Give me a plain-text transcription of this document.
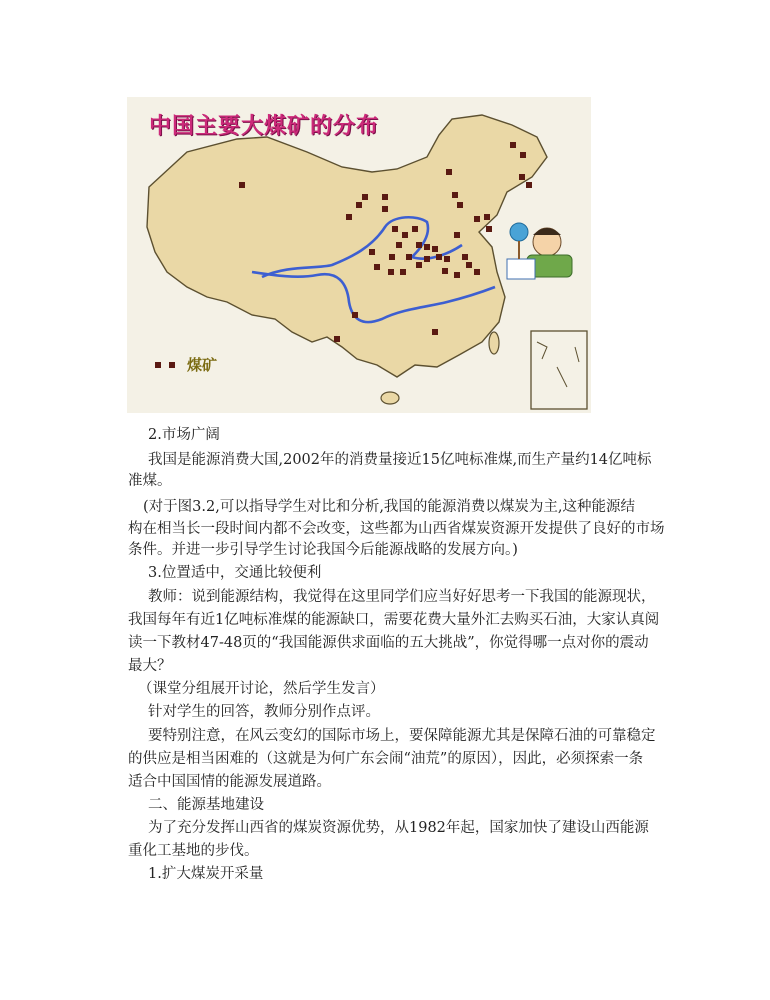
中国主要大煤矿的分布
煤矿
2.市场广阔
我国是能源消费大国,2002年的消费量接近15亿吨标准煤,而生产量约14亿吨标
准煤。
(对于图3.2,可以指导学生对比和分析,我国的能源消费以煤炭为主,这种能源结
构在相当长一段时间内都不会改变，这些都为山西省煤炭资源开发提供了良好的市场
条件。并进一步引导学生讨论我国今后能源战略的发展方向。)
3.位置适中，交通比较便利
教师：说到能源结构，我觉得在这里同学们应当好好思考一下我国的能源现状，
我国每年有近1亿吨标准煤的能源缺口，需要花费大量外汇去购买石油，大家认真阅
读一下教材47-48页的“我国能源供求面临的五大挑战”，你觉得哪一点对你的震动
最大？
（课堂分组展开讨论，然后学生发言）
针对学生的回答，教师分别作点评。
要特别注意，在风云变幻的国际市场上，要保障能源尤其是保障石油的可靠稳定
的供应是相当困难的（这就是为何广东会闹“油荒”的原因），因此，必须探索一条
适合中国国情的能源发展道路。
二、能源基地建设
为了充分发挥山西省的煤炭资源优势，从1982年起，国家加快了建设山西能源
重化工基地的步伐。
1.扩大煤炭开采量
